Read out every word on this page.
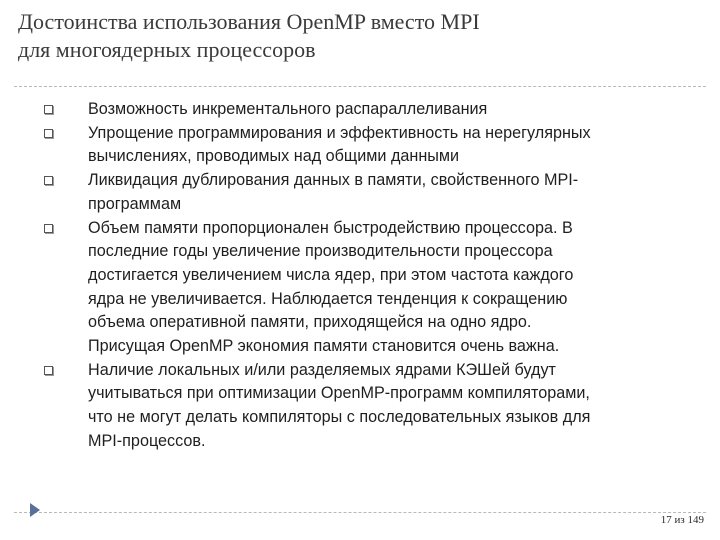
Достоинства использования OpenMP вместо MPI
для многоядерных процессоров
Возможность инкрементального распараллеливания
Упрощение программирования и эффективность на нерегулярных
вычислениях, проводимых над общими данными
Ликвидация дублирования данных в памяти, свойственного MPI-
программам
Объем памяти пропорционален быстродействию процессора. В
последние годы увеличение производительности процессора
достигается увеличением числа ядер, при этом частота каждого
ядра не увеличивается. Наблюдается тенденция к сокращению
объема оперативной памяти, приходящейся на одно ядро.
Присущая OpenMP экономия памяти становится очень важна.
Наличие локальных и/или разделяемых ядрами КЭШей будут
учитываться при оптимизации OpenMP-программ компиляторами,
что не могут делать компиляторы с последовательных языков для
MPI-процессов.
17 из 149
